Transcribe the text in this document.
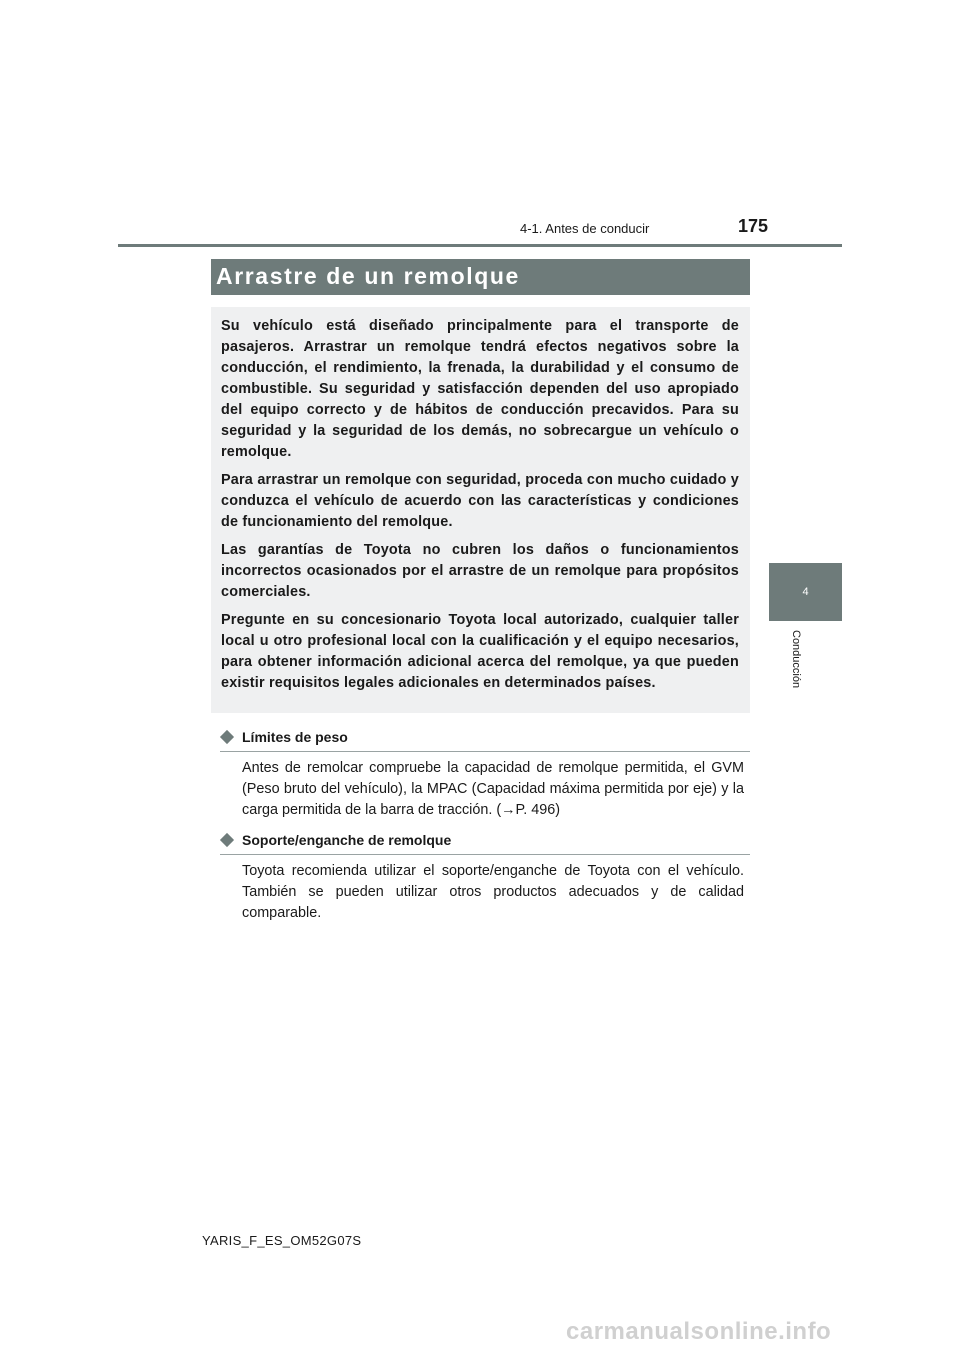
4-1. Antes de conducir	175
4
Conducción
Arrastre de un remolque

Su vehículo está diseñado principalmente para el transporte de pasajeros. Arrastrar un remolque tendrá efectos negativos sobre la conducción, el rendimiento, la frenada, la durabilidad y el consumo de combustible. Su seguridad y satisfacción dependen del uso apropiado del equipo correcto y de hábitos de conducción precavidos. Para su seguridad y la seguridad de los demás, no sobrecargue un vehículo o remolque.

Para arrastrar un remolque con seguridad, proceda con mucho cuidado y conduzca el vehículo de acuerdo con las características y condiciones de funcionamiento del remolque.

Las garantías de Toyota no cubren los daños o funcionamientos incorrectos ocasionados por el arrastre de un remolque para propósitos comerciales.

Pregunte en su concesionario Toyota local autorizado, cualquier taller local u otro profesional local con la cualificación y el equipo necesarios, para obtener información adicional acerca del remolque, ya que pueden existir requisitos legales adicionales en determinados países.

Límites de peso

Antes de remolcar compruebe la capacidad de remolque permitida, el GVM (Peso bruto del vehículo), la MPAC (Capacidad máxima permitida por eje) y la carga permitida de la barra de tracción. (→P. 496)

Soporte/enganche de remolque

Toyota recomienda utilizar el soporte/enganche de Toyota con el vehículo. También se pueden utilizar otros productos adecuados y de calidad comparable.

YARIS_F_ES_OM52G07S
carmanualsonline.info
